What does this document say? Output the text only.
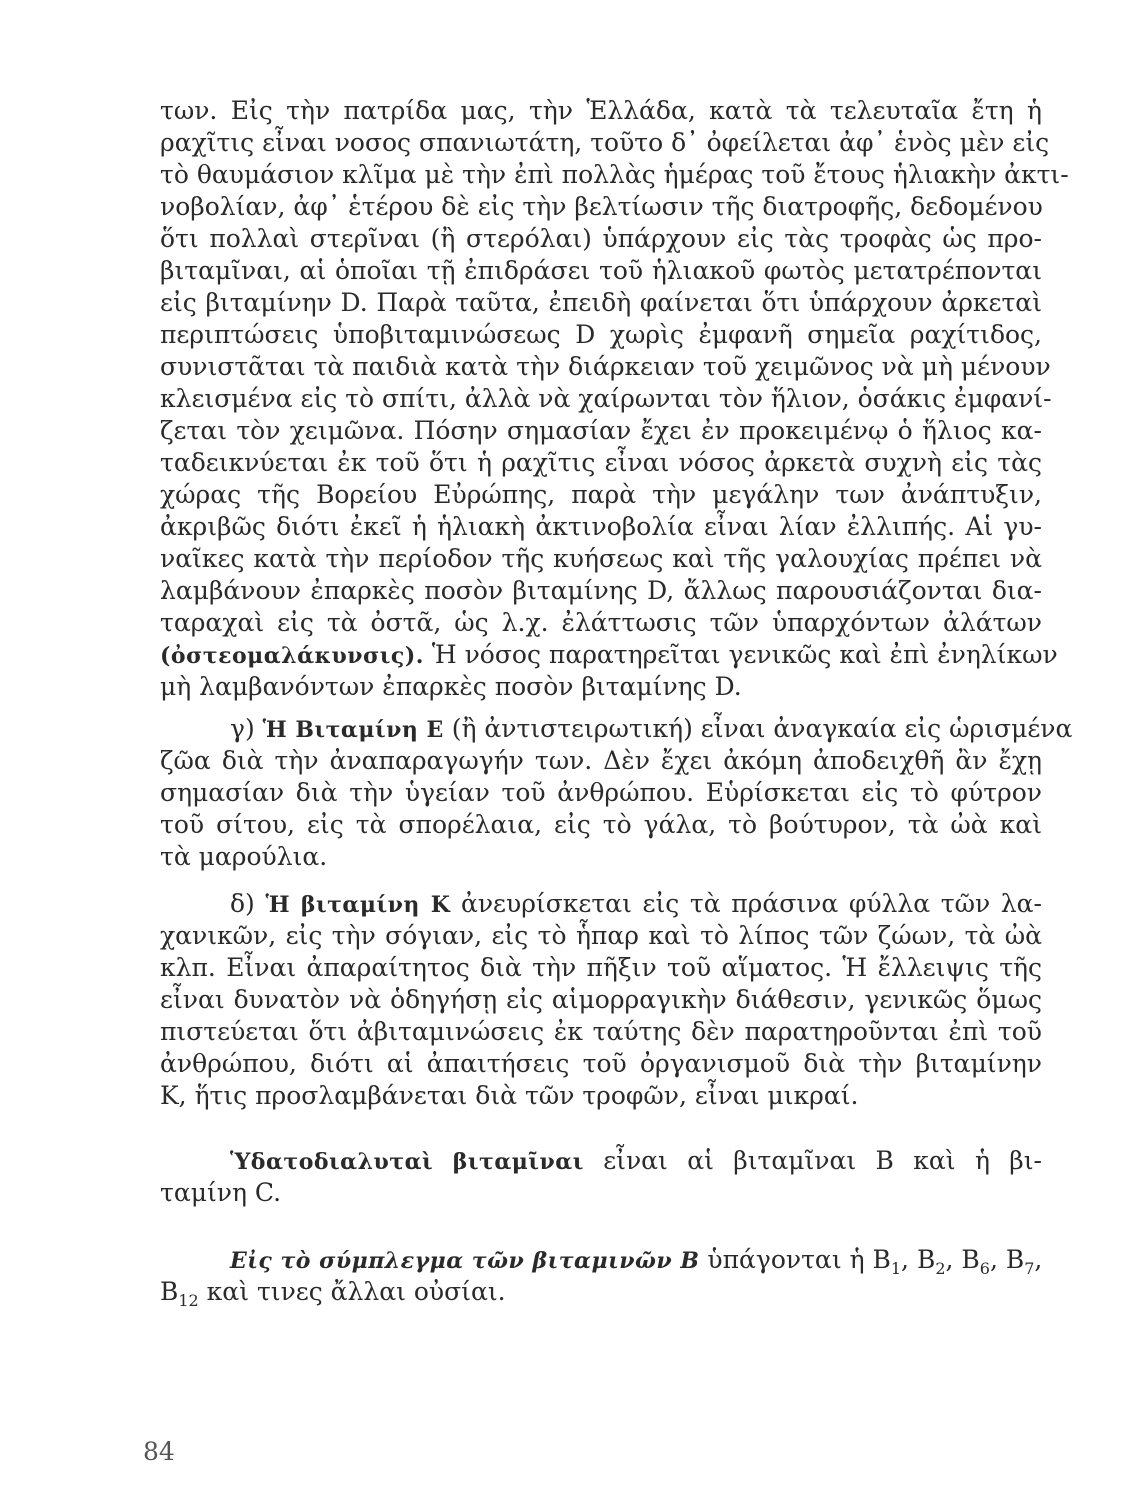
των. Εἰς τὴν πατρίδα μας, τὴν Ἑλλάδα, κατὰ τὰ τελευταῖα ἔτη ἡ
ραχῖτις εἶναι νοσος σπανιωτάτη, τοῦτο δ᾿ ὀφείλεται ἀφ᾿ ἑνὸς μὲν εἰς
τὸ θαυμάσιον κλῖμα μὲ τὴν ἐπὶ πολλὰς ἡμέρας τοῦ ἔτους ἡλιακὴν ἀκτι-
νοβολίαν, ἀφ᾿ ἑτέρου δὲ εἰς τὴν βελτίωσιν τῆς διατροφῆς, δεδομένου
ὅτι πολλαὶ στερῖναι (ἢ στερόλαι) ὑπάρχουν εἰς τὰς τροφὰς ὡς προ-
βιταμῖναι, αἱ ὁποῖαι τῇ ἐπιδράσει τοῦ ἡλιακοῦ φωτὸς μετατρέπονται
εἰς βιταμίνην D. Παρὰ ταῦτα, ἐπειδὴ φαίνεται ὅτι ὑπάρχουν ἀρκεταὶ
περιπτώσεις ὑποβιταμινώσεως D χωρὶς ἐμφανῆ σημεῖα ραχίτιδος,
συνιστᾶται τὰ παιδιὰ κατὰ τὴν διάρκειαν τοῦ χειμῶνος νὰ μὴ μένουν
κλεισμένα εἰς τὸ σπίτι, ἀλλὰ νὰ χαίρωνται τὸν ἥλιον, ὁσάκις ἐμφανί-
ζεται τὸν χειμῶνα. Πόσην σημασίαν ἔχει ἐν προκειμένῳ ὁ ἥλιος κα-
ταδεικνύεται ἐκ τοῦ ὅτι ἡ ραχῖτις εἶναι νόσος ἀρκετὰ συχνὴ εἰς τὰς
χώρας τῆς Βορείου Εὐρώπης, παρὰ τὴν μεγάλην των ἀνάπτυξιν,
ἀκριβῶς διότι ἐκεῖ ἡ ἡλιακὴ ἀκτινοβολία εἶναι λίαν ἐλλιπής. Αἱ γυ-
ναῖκες κατὰ τὴν περίοδον τῆς κυήσεως καὶ τῆς γαλουχίας πρέπει νὰ
λαμβάνουν ἐπαρκὲς ποσὸν βιταμίνης D, ἄλλως παρουσιάζονται δια-
ταραχαὶ εἰς τὰ ὀστᾶ, ὡς λ.χ. ἐλάττωσις τῶν ὑπαρχόντων ἀλάτων
(ὀστεομαλάκυνσις). Ἡ νόσος παρατηρεῖται γενικῶς καὶ ἐπὶ ἐνηλίκων
μὴ λαμβανόντων ἐπαρκὲς ποσὸν βιταμίνης D.
γ) Ἡ Βιταμίνη Ε (ἢ ἀντιστειρωτική) εἶναι ἀναγκαία εἰς ὡρισμένα
ζῶα διὰ τὴν ἀναπαραγωγήν των. Δὲν ἔχει ἀκόμη ἀποδειχθῆ ἂν ἔχῃ
σημασίαν διὰ τὴν ὑγείαν τοῦ ἀνθρώπου. Εὑρίσκεται εἰς τὸ φύτρον
τοῦ σίτου, εἰς τὰ σπορέλαια, εἰς τὸ γάλα, τὸ βούτυρον, τὰ ὠὰ καὶ
τὰ μαρούλια.
δ) Ἡ βιταμίνη Κ ἀνευρίσκεται εἰς τὰ πράσινα φύλλα τῶν λα-
χανικῶν, εἰς τὴν σόγιαν, εἰς τὸ ἧπαρ καὶ τὸ λίπος τῶν ζώων, τὰ ὠὰ
κλπ. Εἶναι ἀπαραίτητος διὰ τὴν πῆξιν τοῦ αἵματος. Ἡ ἔλλειψις τῆς
εἶναι δυνατὸν νὰ ὁδηγήσῃ εἰς αἱμορραγικὴν διάθεσιν, γενικῶς ὅμως
πιστεύεται ὅτι ἀβιταμινώσεις ἐκ ταύτης δὲν παρατηροῦνται ἐπὶ τοῦ
ἀνθρώπου, διότι αἱ ἀπαιτήσεις τοῦ ὀργανισμοῦ διὰ τὴν βιταμίνην
Κ, ἥτις προσλαμβάνεται διὰ τῶν τροφῶν, εἶναι μικραί.
Ὑδατοδιαλυταὶ βιταμῖναι εἶναι αἱ βιταμῖναι Β καὶ ἡ βι-
ταμίνη C.
Εἰς τὸ σύμπλεγμα τῶν βιταμινῶν Β ὑπάγονται ἡ $B_1$, $B_2$, $B_6$, $B_7$,
$B_{12}$ καὶ τινες ἄλλαι οὐσίαι.
84
